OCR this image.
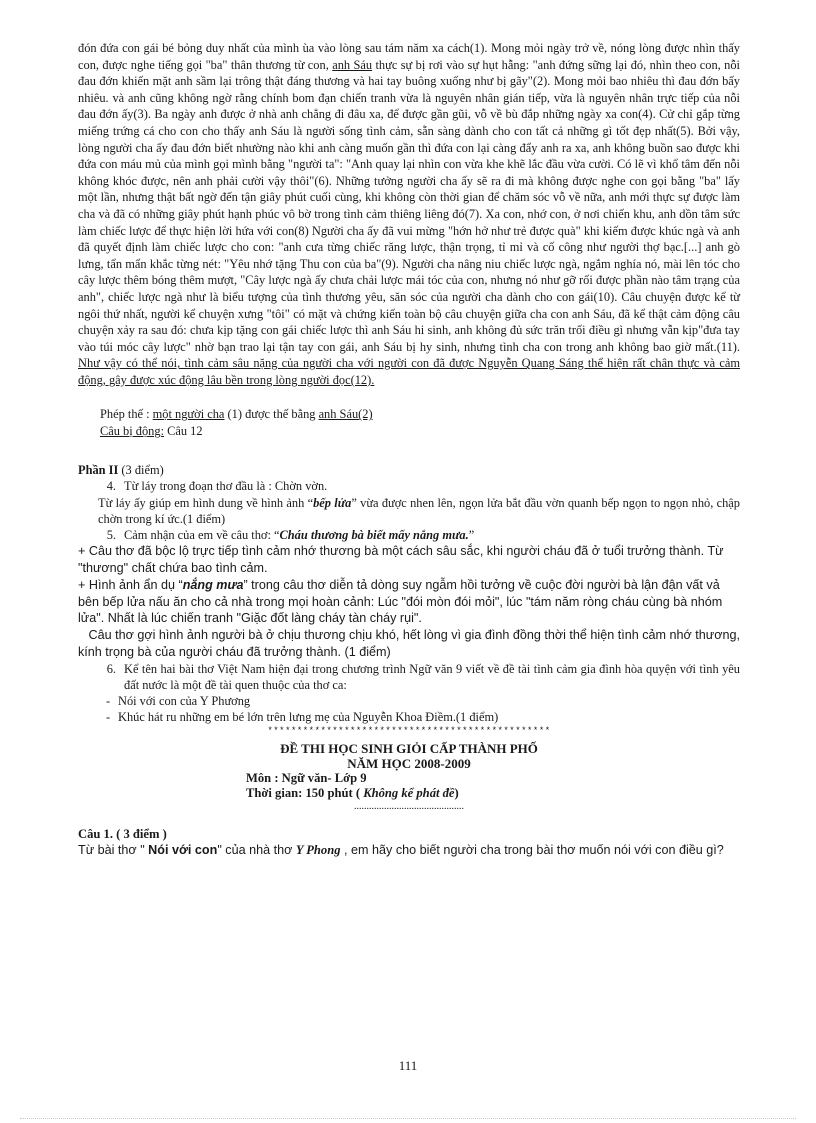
đón đứa con gái bé bỏng duy nhất của mình ùa vào lòng sau tám năm xa cách(1). Mong mỏi ngày trở về, nóng lòng được nhìn thấy con, được nghe tiếng gọi "ba" thân thương từ con, anh Sáu thực sự bị rơi vào sự hụt hẫng: "anh đứng sững lại đó, nhìn theo con, nỗi đau đớn khiến mặt anh sầm lại trông thật đáng thương và hai tay buông xuống như bị gãy"(2). Mong mỏi bao nhiêu thì đau đớn bấy nhiêu. và anh cũng không ngờ rằng chính bom đạn chiến tranh vừa là nguyên nhân gián tiếp, vừa là nguyên nhân trực tiếp của nỗi đau đớn ấy(3). Ba ngày anh được ở nhà anh chẳng đi đâu xa, để được gần gũi, vỗ về bù đắp những ngày xa con(4). Cử chỉ gắp từng miếng trứng cá cho con cho thấy anh Sáu là người sống tình cảm, sẵn sàng dành cho con tất cả những gì tốt đẹp nhất(5). Bởi vậy, lòng người cha ấy đau đớn biết nhường nào khi anh càng muốn gần thì đứa con lại càng đẩy anh ra xa, anh không buồn sao được khi đứa con máu mủ của mình gọi mình bằng "người ta": "Anh quay lại nhìn con vừa khe khẽ lắc đầu vừa cười. Có lẽ vì khổ tâm đến nỗi không khóc được, nên anh phải cười vậy thôi"(6). Những tưởng người cha ấy sẽ ra đi mà không được nghe con gọi bằng "ba" lấy một lần, nhưng thật bất ngờ đến tận giây phút cuối cùng, khi không còn thời gian để chăm sóc vỗ về nữa, anh mới thực sự được làm cha và đã có những giây phút hạnh phúc vô bờ trong tình cảm thiêng liêng đó(7). Xa con, nhớ con, ở nơi chiến khu, anh dồn tâm sức làm chiếc lược để thực hiện lời hứa với con(8) Người cha ấy đã vui mừng "hớn hở như trẻ được quà" khi kiếm được khúc ngà và anh đã quyết định làm chiếc lược cho con: "anh cưa từng chiếc răng lược, thận trọng, tỉ mỉ và cố công như người thợ bạc.[...] anh gò lưng, tẩn mẩn khắc từng nét: "Yêu nhớ tặng Thu con của ba"(9). Người cha nâng niu chiếc lược ngà, ngắm nghía nó, mài lên tóc cho cây lược thêm bóng thêm mượt, "Cây lược ngà ấy chưa chải lược mái tóc của con, nhưng nó như gỡ rối được phần nào tâm trạng của anh", chiếc lược ngà như là biểu tượng của tình thương yêu, săn sóc của người cha dành cho con gái(10). Câu chuyện được kể từ ngôi thứ nhất, người kể chuyện xưng "tôi" có mặt và chứng kiến toàn bộ câu chuyện giữa cha con anh Sáu, đã kể thật cảm động câu chuyện xảy ra sau đó: chưa kịp tặng con gái chiếc lược thì anh Sáu hi sinh, anh không đủ sức trăn trối điều gì nhưng vẫn kịp"đưa tay vào túi móc cây lược" nhờ bạn trao lại tận tay con gái, anh Sáu bị hy sinh, nhưng tình cha con trong anh không bao giờ mất.(11). Như vậy có thể nói, tình cảm sâu nặng của người cha với người con đã được Nguyễn Quang Sáng thể hiện rất chân thực và cảm động, gây được xúc động lâu bền trong lòng người đọc(12).

Phép thế : một người cha (1) được thế bằng anh Sáu(2)

Câu bị động: Câu 12

Phần II (3 điểm)

4. Từ láy trong đoạn thơ đầu là : Chờn vờn.

Từ láy ấy giúp em hình dung về hình ảnh “bếp lửa” vừa được nhen lên, ngọn lửa bắt đầu vờn quanh bếp ngọn to ngọn nhỏ, chập chờn trong kí ức.(1 điểm)

5. Cảm nhận của em về câu thơ: “Cháu thương bà biết mấy nắng mưa.”

+ Câu thơ đã bộc lộ trực tiếp tình cảm nhớ thương bà một cách sâu sắc, khi người cháu đã ở tuổi trưởng thành. Từ "thương" chất chứa bao tình cảm.

+ Hình ảnh ẩn dụ “nắng mưa” trong câu thơ diễn tả dòng suy ngẫm hồi tưởng về cuộc đời người bà lận đận vất vả bên bếp lửa nấu ăn cho cả nhà trong mọi hoàn cảnh: Lúc "đói mòn đói mỏi", lúc "tám năm ròng cháu cùng bà nhóm lửa". Nhất là lúc chiến tranh "Giặc đốt làng cháy tàn cháy rụi".

Câu thơ gợi hình ảnh người bà ở chịu thương chịu khó, hết lòng vì gia đình đồng thời thể hiện tình cảm nhớ thương, kính trọng bà của người cháu đã trưởng thành. (1 điểm)

6. Kể tên hai bài thơ Việt Nam hiện đại trong chương trình Ngữ văn 9 viết về đề tài tình cảm gia đình hòa quyện với tình yêu đất nước là một đề tài quen thuộc của thơ ca:
- Nói với con của Y Phương
- Khúc hát ru những em bé lớn trên lưng mẹ của Nguyễn Khoa Điềm.(1 điểm)

************************************************

ĐỀ THI HỌC SINH GIỎI CẤP THÀNH PHỐ

NĂM HỌC 2008-2009

Môn : Ngữ văn- Lớp 9

Thời gian: 150 phút ( Không kể phát đề)

............................................

Câu 1. ( 3 điểm )

Từ bài thơ " Nói với con" của nhà thơ Y Phong , em hãy cho biết người cha trong bài thơ muốn nói với con điều gì?

111
